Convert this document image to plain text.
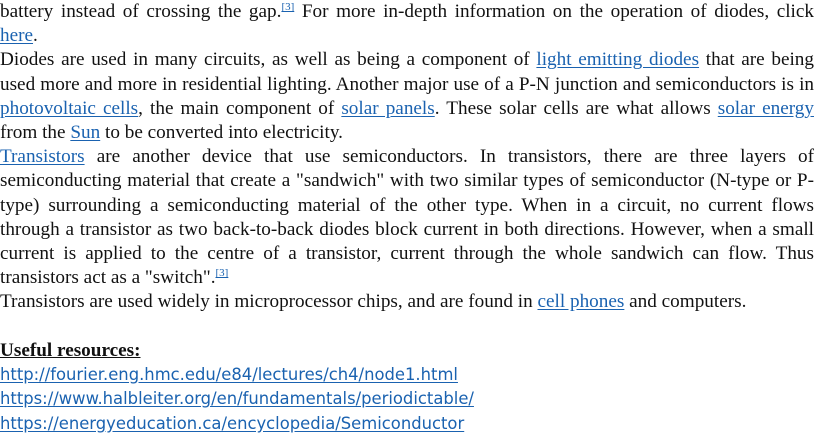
battery instead of crossing the gap.[3] For more in-depth information on the operation of diodes, click here.

Diodes are used in many circuits, as well as being a component of light emitting diodes that are being used more and more in residential lighting. Another major use of a P-N junction and semiconductors is in photovoltaic cells, the main component of solar panels. These solar cells are what allows solar energy from the Sun to be converted into electricity.

Transistors are another device that use semiconductors. In transistors, there are three layers of semiconducting material that create a "sandwich" with two similar types of semiconductor (N-type or P-type) surrounding a semiconducting material of the other type. When in a circuit, no current flows through a transistor as two back-to-back diodes block current in both directions. However, when a small current is applied to the centre of a transistor, current through the whole sandwich can flow. Thus transistors act as a "switch".[3]

Transistors are used widely in microprocessor chips, and are found in cell phones and computers.

Useful resources:

http://fourier.eng.hmc.edu/e84/lectures/ch4/node1.html
https://www.halbleiter.org/en/fundamentals/periodictable/
https://energyeducation.ca/encyclopedia/Semiconductor
